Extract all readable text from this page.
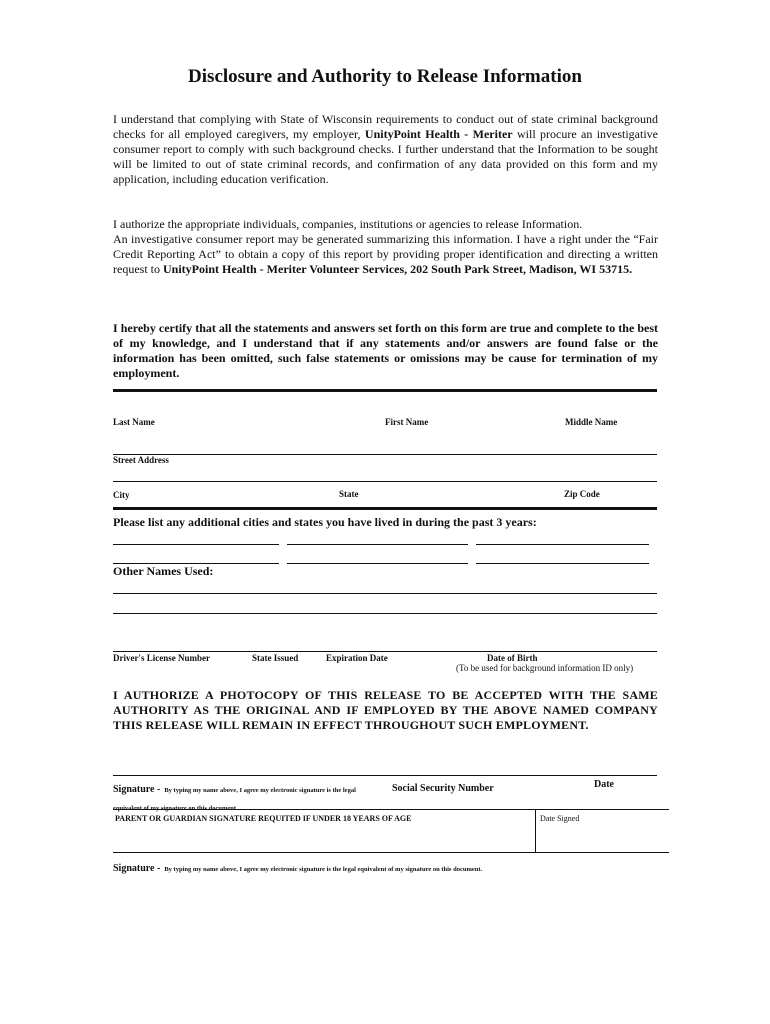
Disclosure and Authority to Release Information
I understand that complying with State of Wisconsin requirements to conduct out of state criminal background checks for all employed caregivers, my employer, UnityPoint Health - Meriter will procure an investigative consumer report to comply with such background checks. I further understand that the Information to be sought will be limited to out of state criminal records, and confirmation of any data provided on this form and my application, including education verification.
I authorize the appropriate individuals, companies, institutions or agencies to release Information.
An investigative consumer report may be generated summarizing this information. I have a right under the “Fair Credit Reporting Act” to obtain a copy of this report by providing proper identification and directing a written request to UnityPoint Health - Meriter Volunteer Services, 202 South Park Street, Madison, WI 53715.
I hereby certify that all the statements and answers set forth on this form are true and complete to the best of my knowledge, and I understand that if any statements and/or answers are found false or the information has been omitted, such false statements or omissions may be cause for termination of my employment.
Last Name	First Name	Middle Name
Street Address
City	State	Zip Code
Please list any additional cities and states you have lived in during the past 3 years:
Other Names Used:
Driver's License Number	State Issued	Expiration Date	Date of Birth
(To be used for background information ID only)
I AUTHORIZE A PHOTOCOPY OF THIS RELEASE TO BE ACCEPTED WITH THE SAME AUTHORITY AS THE ORIGINAL AND IF EMPLOYED BY THE ABOVE NAMED COMPANY THIS RELEASE WILL REMAIN IN EFFECT THROUGHOUT SUCH EMPLOYMENT.
Signature - By typing my name above, I agree my electronic signature is the legal	Social Security Number	Date
PARENT OR GUARDIAN SIGNATURE REQUITED IF UNDER 18 YEARS OF AGE	Date Signed
Signature - By typing my name above, I agree my electronic signature is the legal equivalent of my signature on this document.
